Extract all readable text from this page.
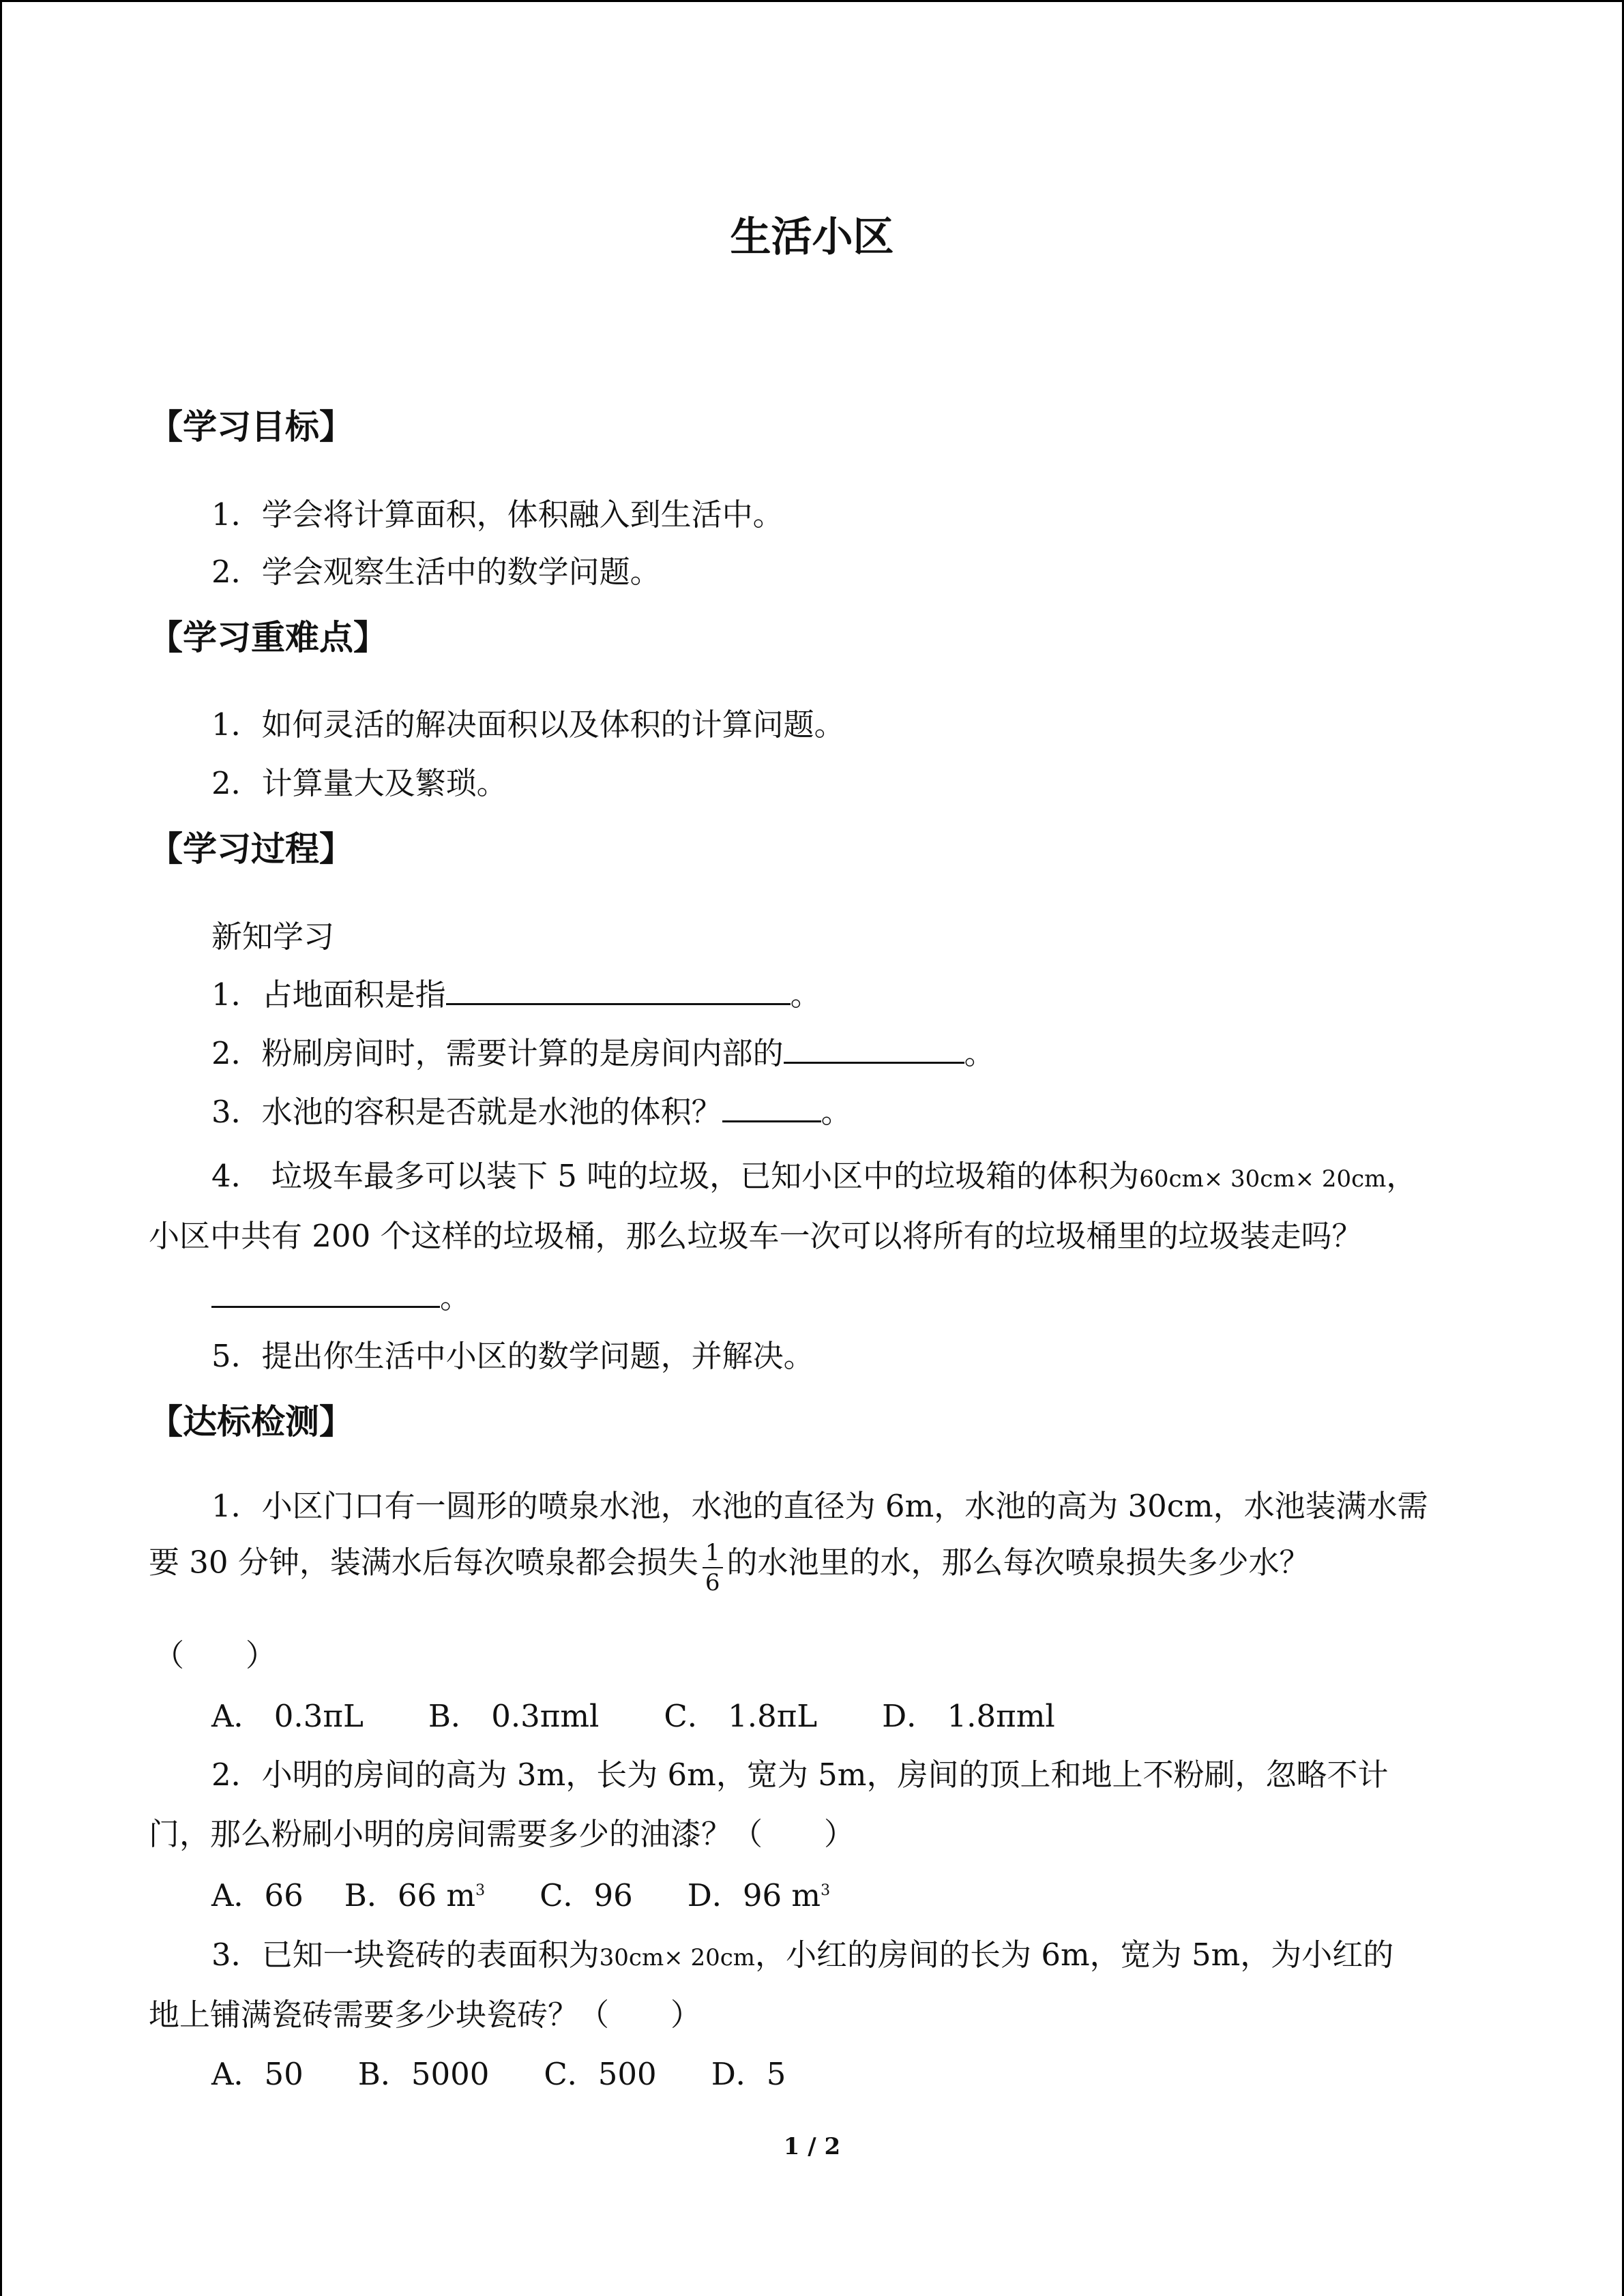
生活小区
【学习目标】

1．学会将计算面积，体积融入到生活中。

2．学会观察生活中的数学问题。

【学习重难点】

1．如何灵活的解决面积以及体积的计算问题。

2．计算量大及繁琐。

【学习过程】

新知学习

1．占地面积是指	。

2．粉刷房间时，需要计算的是房间内部的	。

3．水池的容积是否就是水池的体积？	。

4． 垃圾车最多可以装下 5 吨的垃圾，已知小区中的垃圾箱的体积为60cm× 30cm× 20cm，

小区中共有 200 个这样的垃圾桶，那么垃圾车一次可以将所有的垃圾桶里的垃圾装走吗？

。

5．提出你生活中小区的数学问题，并解决。

【达标检测】

1．小区门口有一圆形的喷泉水池，水池的直径为 6m，水池的高为 30cm，水池装满水需

要 30 分钟，装满水后每次喷泉都会损失 $\frac{1}{6}$ 的水池里的水，那么每次喷泉损失多少水？

（　　）

A． 0.3πL B． 0.3πml C． 1.8πL D． 1.8πml

2．小明的房间的高为 3m，长为 6m，宽为 5m，房间的顶上和地上不粉刷，忽略不计

门，那么粉刷小明的房间需要多少的油漆？（　　）

A．66 B．66 $m^3$ C．96 D．96 $m^3$

3．已知一块瓷砖的表面积为30cm× 20cm，小红的房间的长为 6m，宽为 5m，为小红的

地上铺满瓷砖需要多少块瓷砖？（　　）

A．50 B．5000 C．500 D．5

1 / 2
